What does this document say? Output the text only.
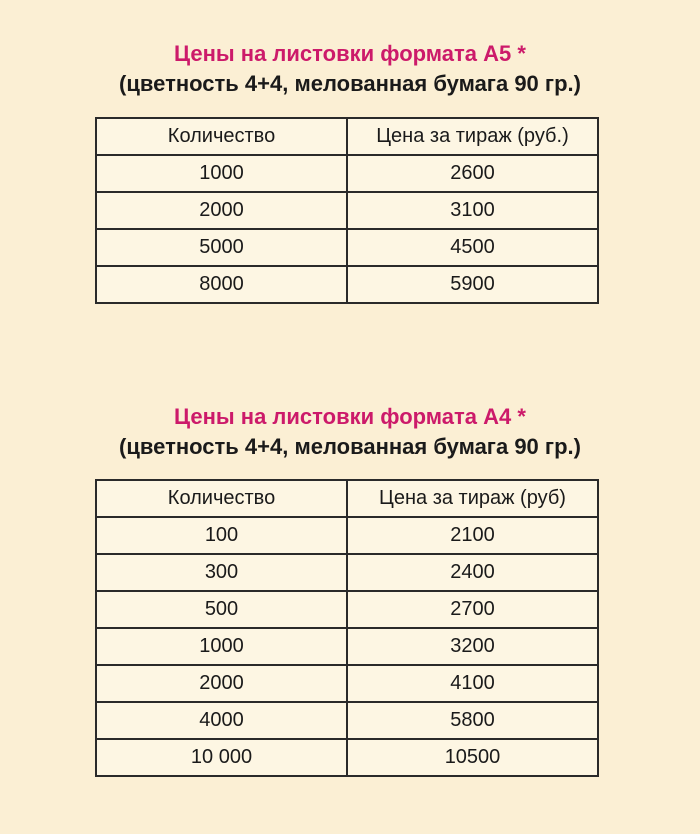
Цены на листовки формата А5 *

(цветность 4+4, мелованная бумага 90 гр.)

Количество	Цена за тираж (руб.)
1000	2600
2000	3100
5000	4500
8000	5900

Цены на листовки формата А4 *

(цветность 4+4, мелованная бумага 90 гр.)

Количество	Цена за тираж (руб)
100	2100
300	2400
500	2700
1000	3200
2000	4100
4000	5800
10 000	10500
